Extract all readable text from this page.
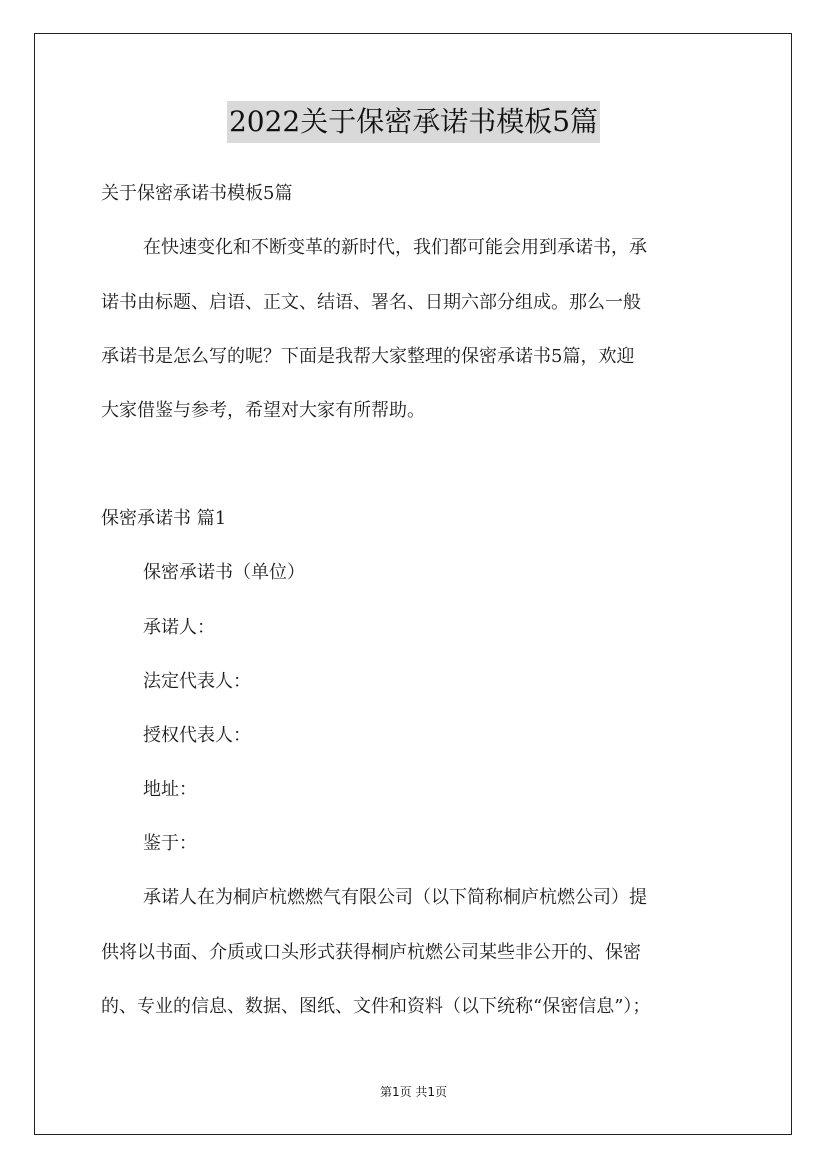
2022关于保密承诺书模板5篇
关于保密承诺书模板5篇
在快速变化和不断变革的新时代，我们都可能会用到承诺书，承
诺书由标题、启语、正文、结语、署名、日期六部分组成。那么一般
承诺书是怎么写的呢？下面是我帮大家整理的保密承诺书5篇，欢迎
大家借鉴与参考，希望对大家有所帮助。
保密承诺书 篇1
保密承诺书（单位）
承诺人：
法定代表人：
授权代表人：
地址：
鉴于：
承诺人在为桐庐杭燃燃气有限公司（以下简称桐庐杭燃公司）提
供将以书面、介质或口头形式获得桐庐杭燃公司某些非公开的、保密
的、专业的信息、数据、图纸、文件和资料（以下统称“保密信息”）；
第1页 共1页
